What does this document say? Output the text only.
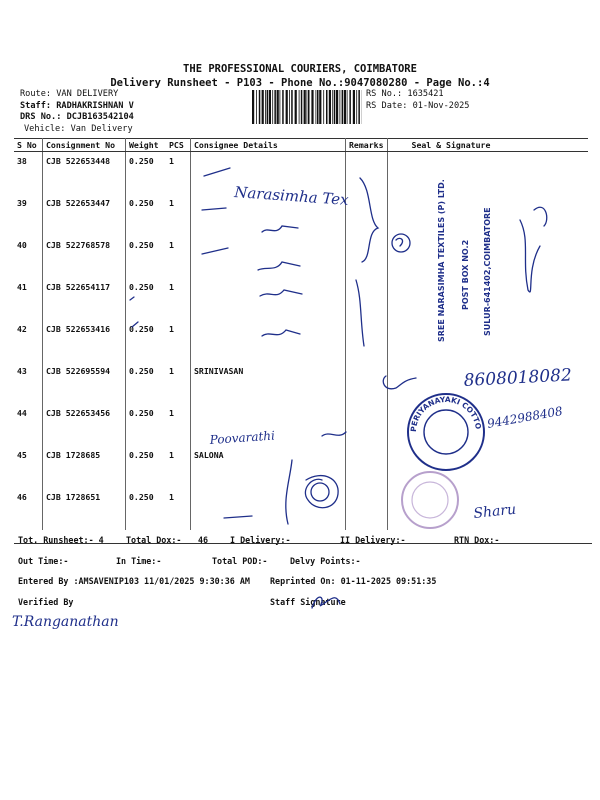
THE PROFESSIONAL COURIERS, COIMBATORE
Delivery Runsheet - P103 - Phone No.:9047080280 - Page No.:4
Route: VAN DELIVERY
Staff: RADHAKRISHNAN V
DRS No.: DCJB163542104
Vehicle: Van Delivery
RS No.: 1635421
RS Date: 01-Nov-2025
S No	Consignment No	Weight	PCS	Consignee Details	Remarks	Seal & Signature
38	CJB 522653448	0.250	1			
39	CJB 522653447	0.250	1			
40	CJB 522768578	0.250	1			
41	CJB 522654117	0.250	1			
42	CJB 522653416	0.250	1			
43	CJB 522695594	0.250	1	SRINIVASAN		
44	CJB 522653456	0.250	1			
45	CJB 1728685	0.250	1	SALONA		
46	CJB 1728651	0.250	1			
Tot. Runsheet:- 4	Total Dox:- 46	I Delivery:-	II Delivery:-	RTN Dox:-
Out Time:-	In Time:-	Total POD:-	Delvy Points:-
Entered By :AMSAVENIP103 11/01/2025 9:30:36 AM Reprinted On: 01-11-2025 09:51:35
Verified By	Staff Signature
Narasimha Tex
8608018082
Poovarathi
9442988408
T.Ranganathan
Sharu
SREE NARASIMHA TEXTILES (P) LTD. POST BOX NO.2 SULUR-641402,COIMBATORE
PERIYANAYAKI COTTON MILLS
